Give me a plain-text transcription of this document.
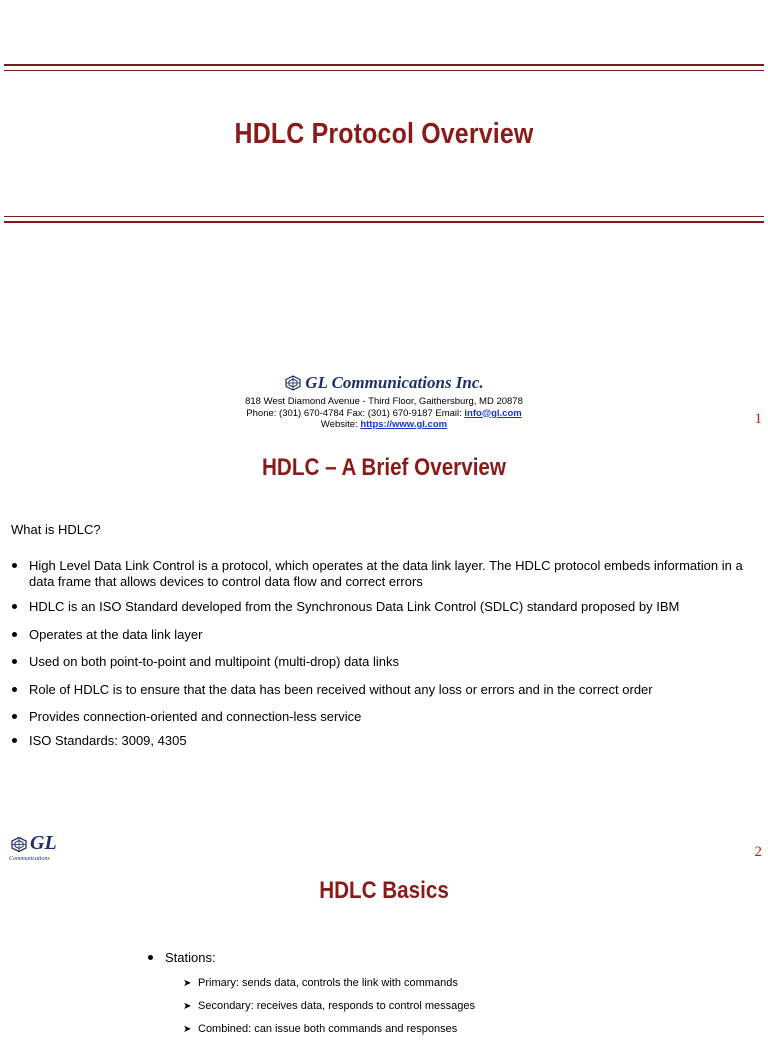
HDLC Protocol Overview
GL Communications Inc.
818 West Diamond Avenue - Third Floor, Gaithersburg, MD 20878
Phone: (301) 670-4784 Fax: (301) 670-9187 Email: info@gl.com
Website: https://www.gl.com	1
HDLC – A Brief Overview
What is HDLC?
High Level Data Link Control is a protocol, which operates at the data link layer. The HDLC protocol embeds information in a data frame that allows devices to control data flow and correct errors
HDLC is an ISO Standard developed from the Synchronous Data Link Control (SDLC) standard proposed by IBM
Operates at the data link layer
Used on both point-to-point and multipoint (multi-drop) data links
Role of HDLC is to ensure that the data has been received without any loss or errors and in the correct order
Provides connection-oriented and connection-less service
ISO Standards: 3009, 4305
GL
Communications	2
HDLC Basics
Stations:
➤ Primary: sends data, controls the link with commands
➤ Secondary: receives data, responds to control messages
➤ Combined: can issue both commands and responses
